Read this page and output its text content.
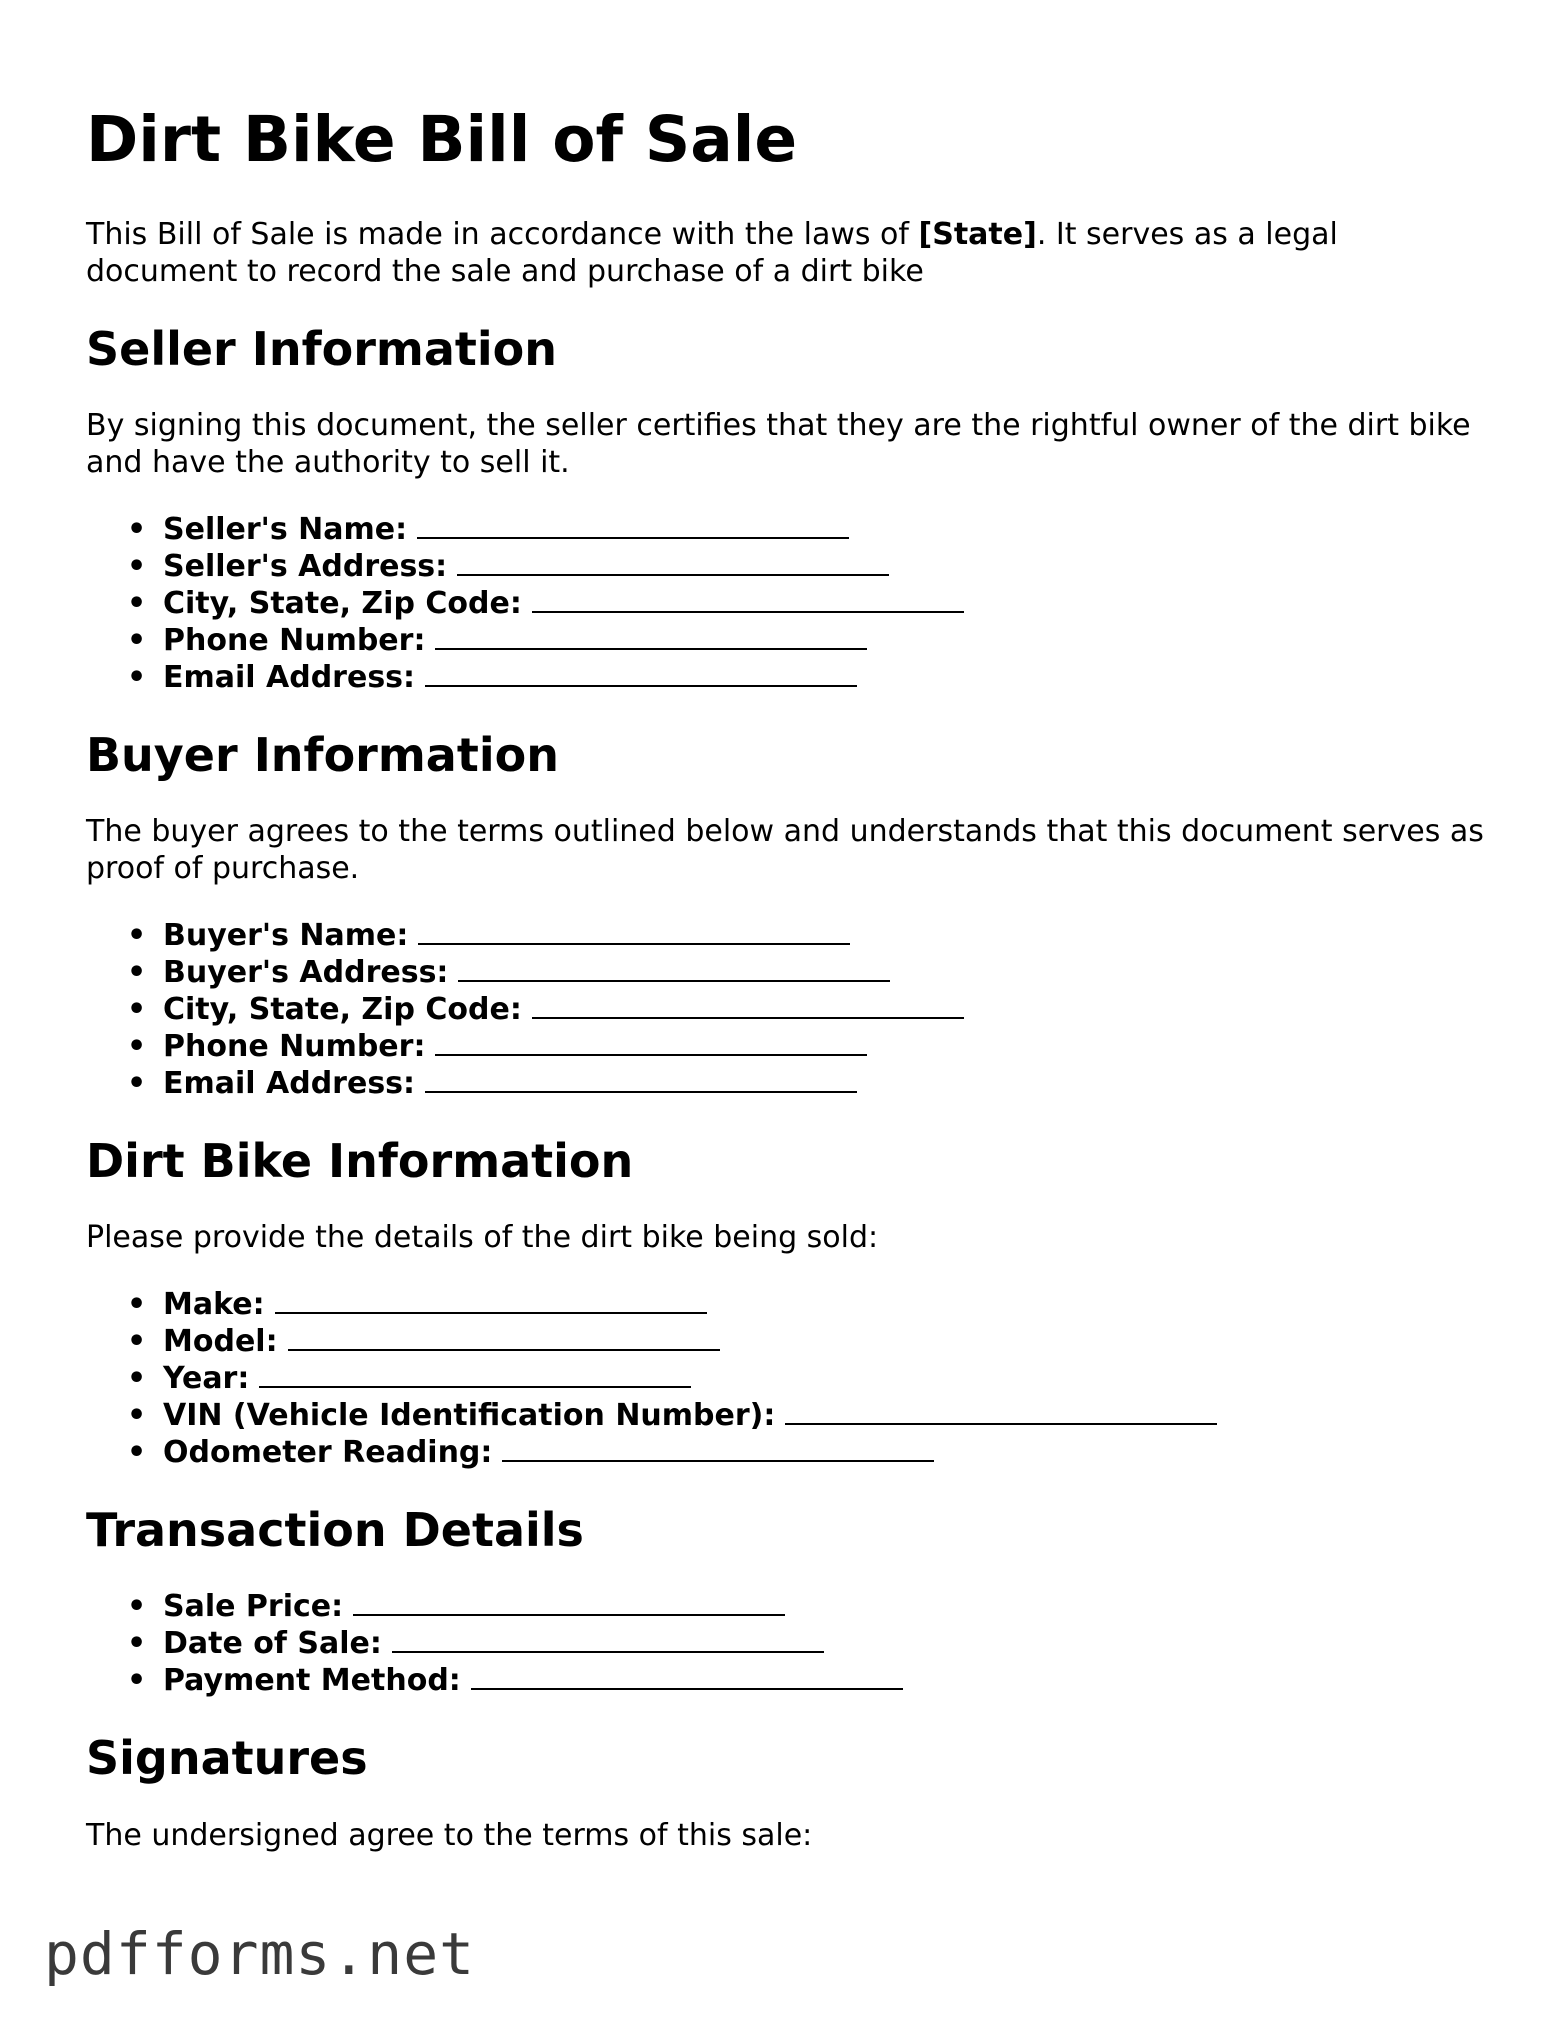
Dirt Bike Bill of Sale

This Bill of Sale is made in accordance with the laws of [State]. It serves as a legal document to record the sale and purchase of a dirt bike

Seller Information

By signing this document, the seller certifies that they are the rightful owner of the dirt bike and have the authority to sell it.

• Seller's Name:
• Seller's Address:
• City, State, Zip Code:
• Phone Number:
• Email Address:
Buyer Information

The buyer agrees to the terms outlined below and understands that this document serves as proof of purchase.

• Buyer's Name:
• Buyer's Address:
• City, State, Zip Code:
• Phone Number:
• Email Address:
Dirt Bike Information

Please provide the details of the dirt bike being sold:

• Make:
• Model:
• Year:
• VIN (Vehicle Identification Number):
• Odometer Reading:
Transaction Details
• Sale Price:
• Date of Sale:
• Payment Method:
Signatures

The undersigned agree to the terms of this sale:

pdfforms.net
